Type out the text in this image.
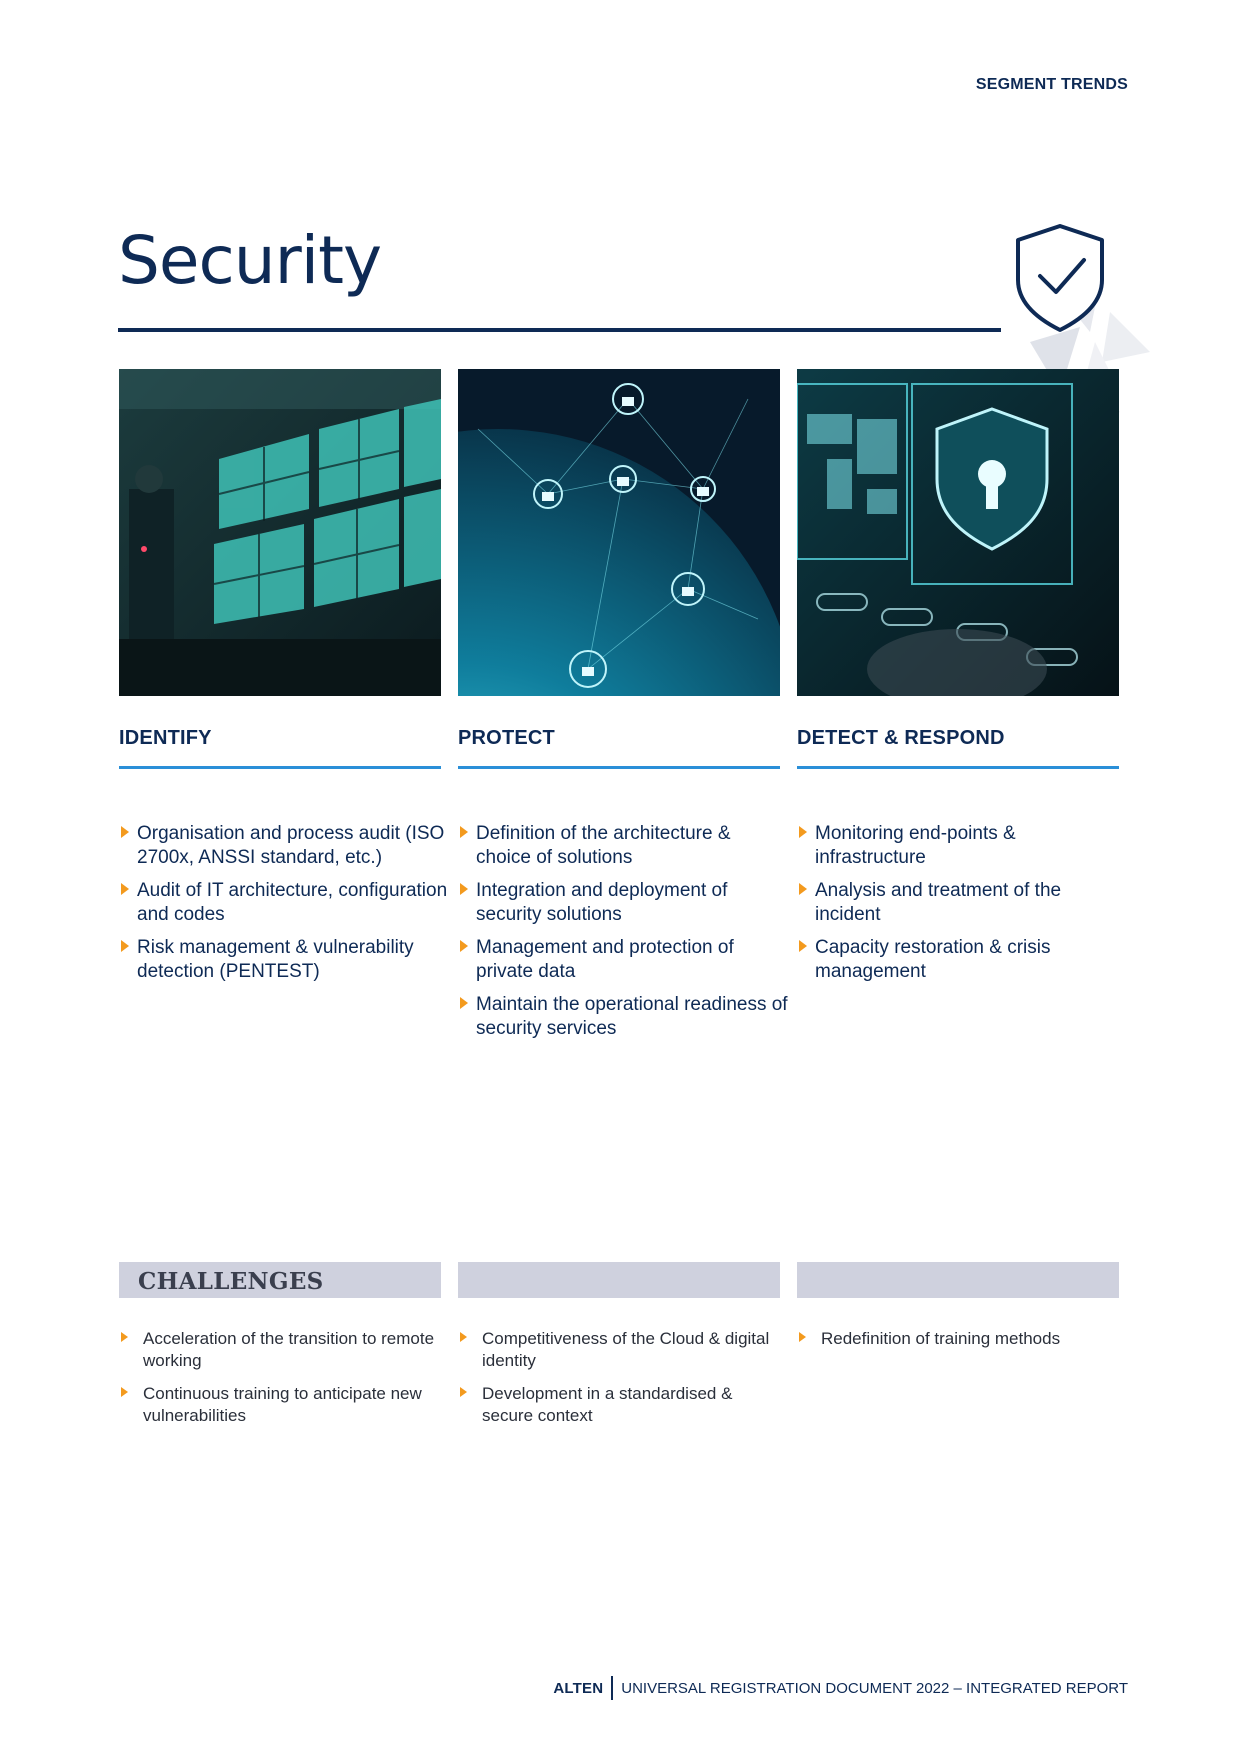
SEGMENT TRENDS
Security
IDENTIFY	PROTECT	DETECT & RESPOND
Organisation and process audit (ISO 2700x, ANSSI standard, etc.)
Audit of IT architecture, configuration and codes
Risk management & vulnerability detection (PENTEST)
Definition of the architecture & choice of solutions
Integration and deployment of security solutions
Management and protection of private data
Maintain the operational readiness of security services
Monitoring end-points & infrastructure
Analysis and treatment of the incident
Capacity restoration & crisis management
CHALLENGES
Acceleration of the transition to remote working
Continuous training to anticipate new vulnerabilities
Competitiveness of the Cloud & digital identity
Development in a standardised & secure context
Redefinition of training methods
ALTEN UNIVERSAL REGISTRATION DOCUMENT 2022 – INTEGRATED REPORT
